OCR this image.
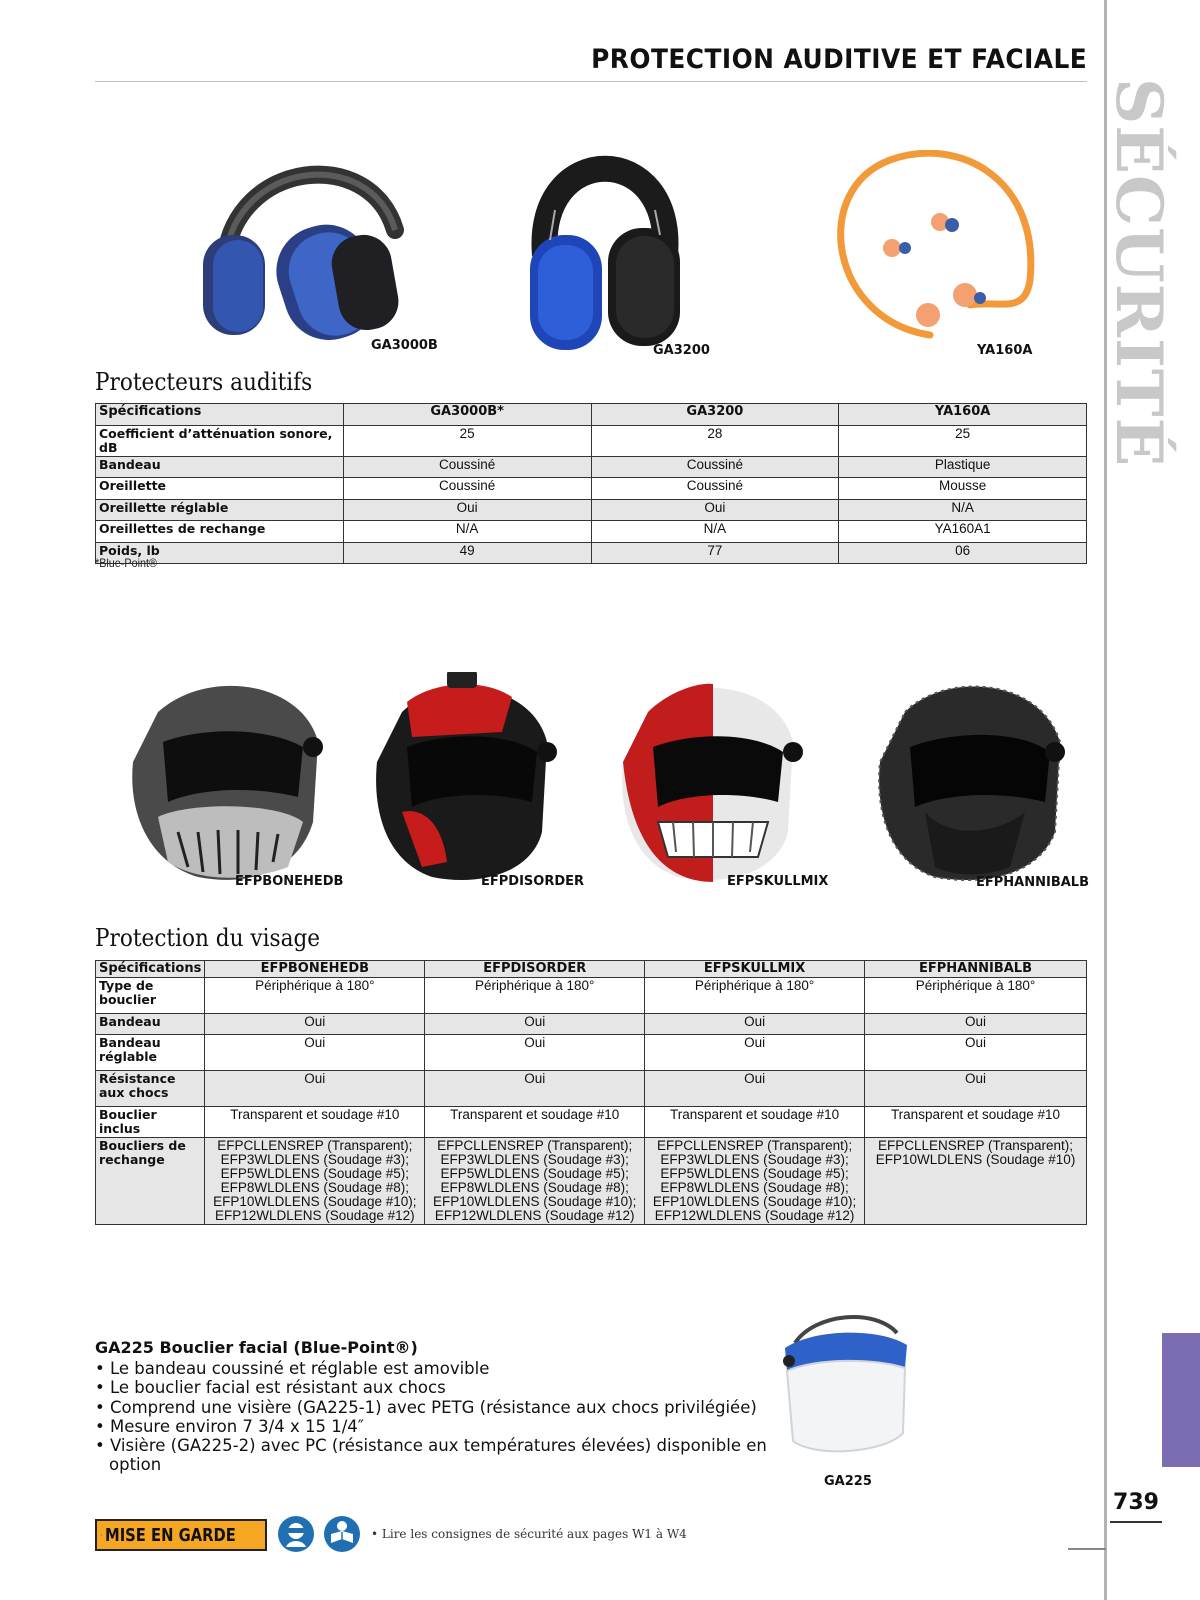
PROTECTION AUDITIVE ET FACIALE
SÉCURITÉ
739
GA3000B	GA3200	YA160A
Protecteurs auditifs
Spécifications	GA3000B*	GA3200	YA160A
Coefficient d’atténuation sonore, dB	25	28	25
Bandeau	Coussiné	Coussiné	Plastique
Oreillette	Coussiné	Coussiné	Mousse
Oreillette réglable	Oui	Oui	N/A
Oreillettes de rechange	N/A	N/A	YA160A1
Poids, lb	49	77	06
*Blue-Point®
EFPBONEHEDB	EFPDISORDER	EFPSKULLMIX	EFPHANNIBALB
Protection du visage
Spécifications	EFPBONEHEDB	EFPDISORDER	EFPSKULLMIX	EFPHANNIBALB
Type de bouclier	Périphérique à 180°	Périphérique à 180°	Périphérique à 180°	Périphérique à 180°
Bandeau	Oui	Oui	Oui	Oui
Bandeau réglable	Oui	Oui	Oui	Oui
Résistance aux chocs	Oui	Oui	Oui	Oui
Bouclier inclus	Transparent et soudage #10	Transparent et soudage #10	Transparent et soudage #10	Transparent et soudage #10
Boucliers de rechange	EFPCLLENSREP (Transparent); EFP3WLDLENS (Soudage #3); EFP5WLDLENS (Soudage #5); EFP8WLDLENS (Soudage #8); EFP10WLDLENS (Soudage #10); EFP12WLDLENS (Soudage #12)	EFPCLLENSREP (Transparent); EFP3WLDLENS (Soudage #3); EFP5WLDLENS (Soudage #5); EFP8WLDLENS (Soudage #8); EFP10WLDLENS (Soudage #10); EFP12WLDLENS (Soudage #12)	EFPCLLENSREP (Transparent); EFP3WLDLENS (Soudage #3); EFP5WLDLENS (Soudage #5); EFP8WLDLENS (Soudage #8); EFP10WLDLENS (Soudage #10); EFP12WLDLENS (Soudage #12)	EFPCLLENSREP (Transparent); EFP10WLDLENS (Soudage #10)
GA225 Bouclier facial (Blue-Point®)
• Le bandeau coussiné et réglable est amovible
• Le bouclier facial est résistant aux chocs
• Comprend une visière (GA225-1) avec PETG (résistance aux chocs privilégiée)
• Mesure environ 7 3/4 x 15 1/4″
• Visière (GA225-2) avec PC (résistance aux températures élevées) disponible en option
GA225
MISE EN GARDE	• Lire les consignes de sécurité aux pages W1 à W4
